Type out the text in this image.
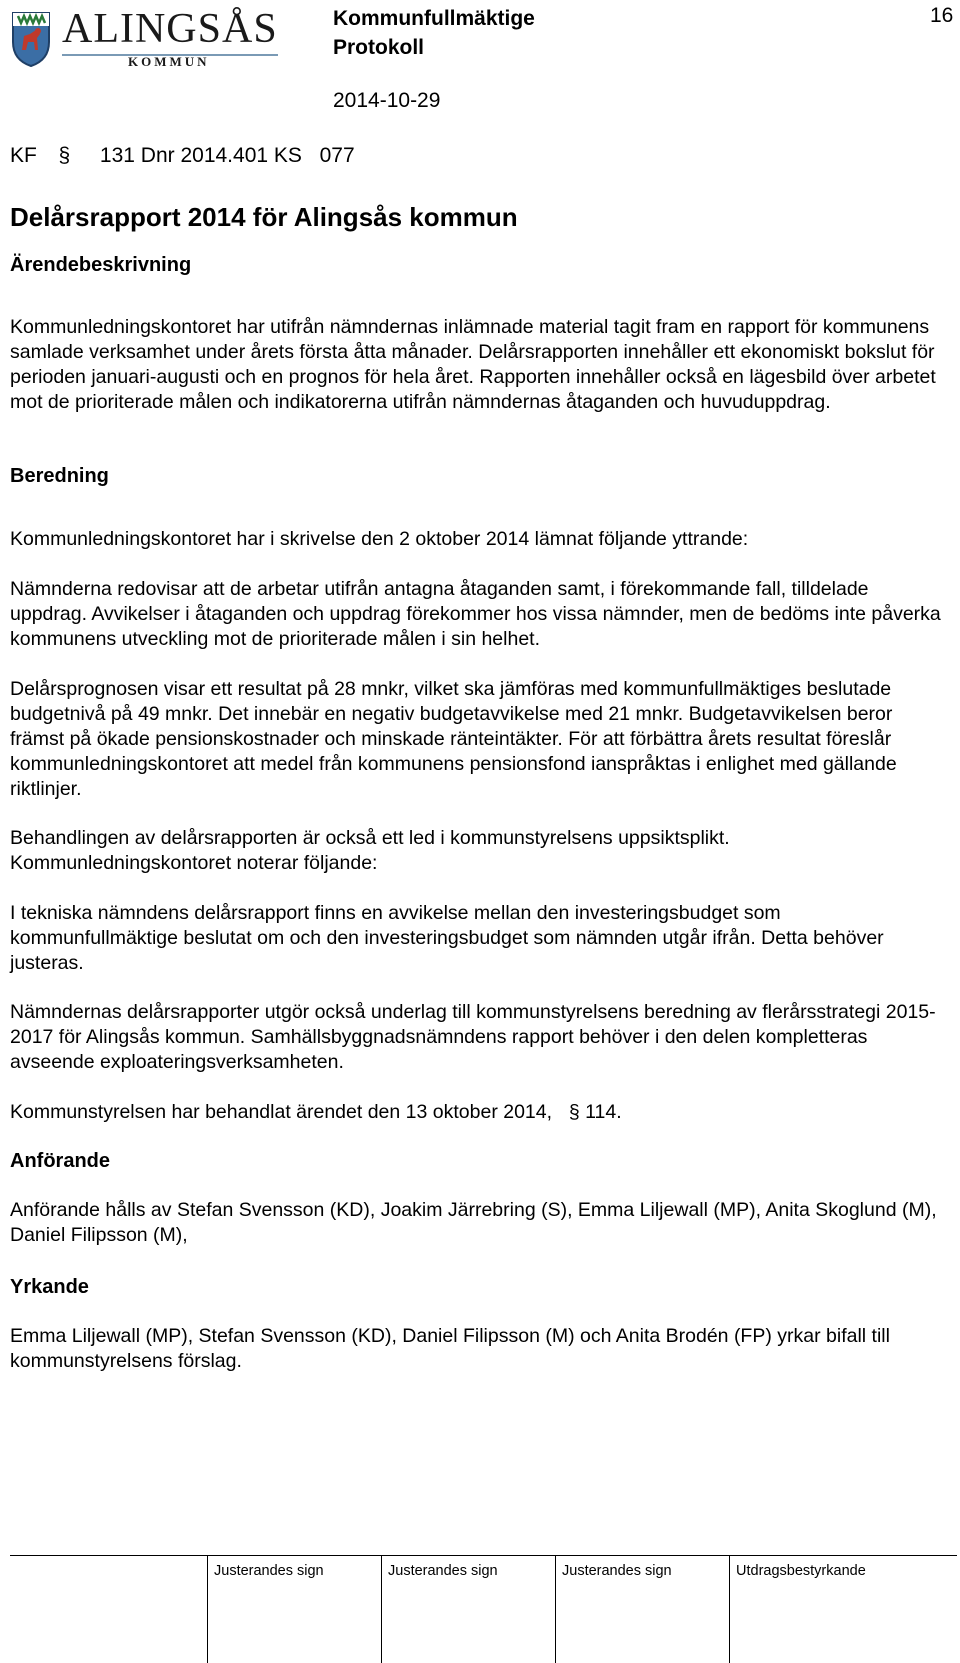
ALINGSÅS
KOMMUN
Kommunfullmäktige
Protokoll
16
2014-10-29
KF § 131 Dnr 2014.401 KS 077
Delårsrapport 2014 för Alingsås kommun
Ärendebeskrivning
Kommunledningskontoret har utifrån nämndernas inlämnade material tagit fram en rapport för kommunens samlade verksamhet under årets första åtta månader. Delårsrapporten innehåller ett ekonomiskt bokslut för perioden januari-augusti och en prognos för hela året. Rapporten innehåller också en lägesbild över arbetet mot de prioriterade målen och indikatorerna utifrån nämndernas åtaganden och huvuduppdrag.
Beredning
Kommunledningskontoret har i skrivelse den 2 oktober 2014 lämnat följande yttrande:
Nämnderna redovisar att de arbetar utifrån antagna åtaganden samt, i förekommande fall, tilldelade uppdrag. Avvikelser i åtaganden och uppdrag förekommer hos vissa nämnder, men de bedöms inte påverka kommunens utveckling mot de prioriterade målen i sin helhet.
Delårsprognosen visar ett resultat på 28 mnkr, vilket ska jämföras med kommunfullmäktiges beslutade budgetnivå på 49 mnkr. Det innebär en negativ budgetavvikelse med 21 mnkr. Budgetavvikelsen beror främst på ökade pensionskostnader och minskade ränteintäkter. För att förbättra årets resultat föreslår kommunledningskontoret att medel från kommunens pensionsfond ianspråktas i enlighet med gällande riktlinjer.
Behandlingen av delårsrapporten är också ett led i kommunstyrelsens uppsiktsplikt. Kommunledningskontoret noterar följande:
I tekniska nämndens delårsrapport finns en avvikelse mellan den investeringsbudget som kommunfullmäktige beslutat om och den investeringsbudget som nämnden utgår ifrån. Detta behöver justeras.
Nämndernas delårsrapporter utgör också underlag till kommunstyrelsens beredning av flerårsstrategi 2015-2017 för Alingsås kommun. Samhällsbyggnadsnämndens rapport behöver i den delen kompletteras avseende exploateringsverksamheten.
Kommunstyrelsen har behandlat ärendet den 13 oktober 2014, § 114.
Anförande
Anförande hålls av Stefan Svensson (KD), Joakim Järrebring (S), Emma Liljewall (MP), Anita Skoglund (M), Daniel Filipsson (M),
Yrkande
Emma Liljewall (MP), Stefan Svensson (KD), Daniel Filipsson (M) och Anita Brodén (FP) yrkar bifall till kommunstyrelsens förslag.
Justerandes sign	Justerandes sign	Justerandes sign	Utdragsbestyrkande
